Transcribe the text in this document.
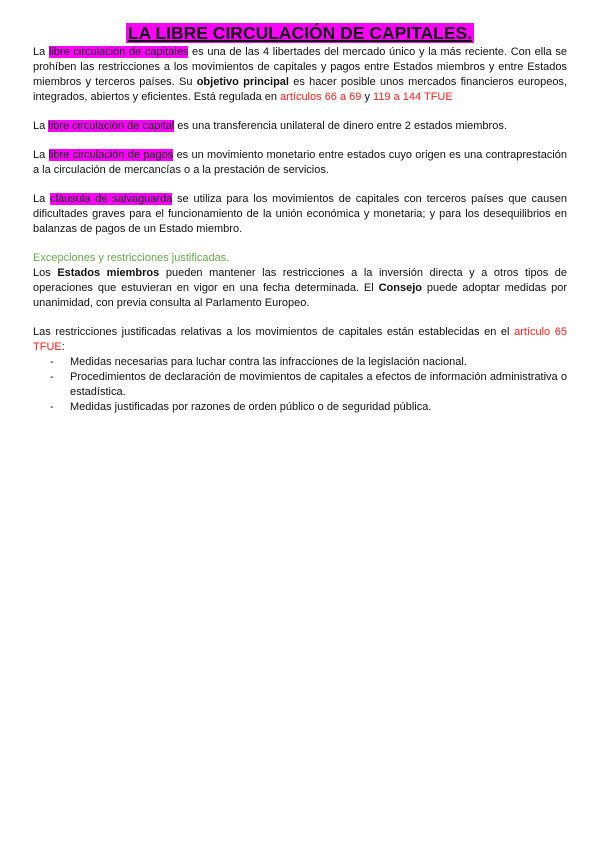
LA LIBRE CIRCULACIÓN DE CAPITALES.

La libre circulación de capitales es una de las 4 libertades del mercado único y la más reciente. Con ella se prohíben las restricciones a los movimientos de capitales y pagos entre Estados miembros y entre Estados miembros y terceros países. Su objetivo principal es hacer posible unos mercados financieros europeos, integrados, abiertos y eficientes. Está regulada en artículos 66 a 69 y 119 a 144 TFUE

La libre circulación de capital es una transferencia unilateral de dinero entre 2 estados miembros.

La libre circulación de pagos es un movimiento monetario entre estados cuyo origen es una contraprestación a la circulación de mercancías o a la prestación de servicios.

La cláusula de salvaguarda se utiliza para los movimientos de capitales con terceros países que causen dificultades graves para el funcionamiento de la unión económica y monetaria; y para los desequilibrios en balanzas de pagos de un Estado miembro.

Excepciones y restricciones justificadas.

Los Estados miembros pueden mantener las restricciones a la inversión directa y a otros tipos de operaciones que estuvieran en vigor en una fecha determinada. El Consejo puede adoptar medidas por unanimidad, con previa consulta al Parlamento Europeo.

Las restricciones justificadas relativas a los movimientos de capitales están establecidas en el artículo 65 TFUE:

- Medidas necesarias para luchar contra las infracciones de la legislación nacional.
- Procedimientos de declaración de movimientos de capitales a efectos de información administrativa o estadística.
- Medidas justificadas por razones de orden público o de seguridad pública.
